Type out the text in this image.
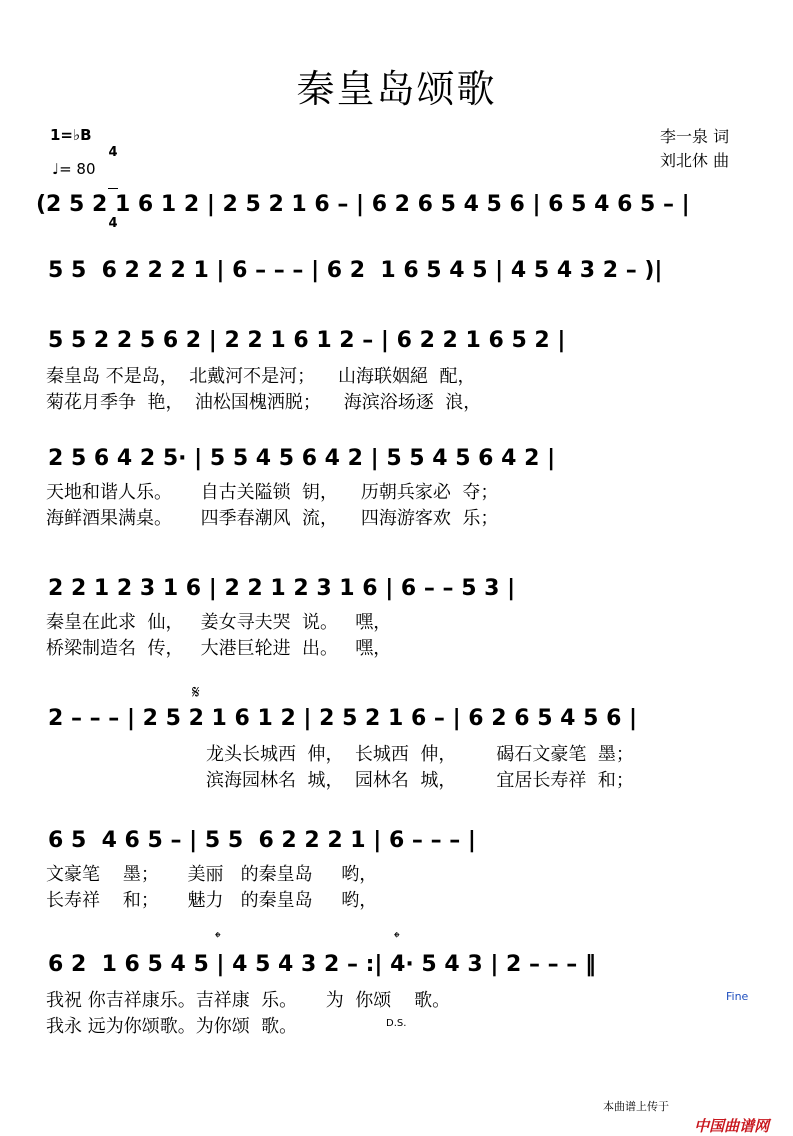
秦皇岛颂歌
1=♭B

4

4

♩= 80
李一泉 词
刘北休 曲
(2 5 2 1 6 1 2 | 2 5 2 1 6 – | 6 2 6 5 4 5 6 | 6 5 4 6 5 – |
5 5  6 2 2 2 1 | 6 – – – | 6 2  1 6 5 4 5 | 4 5 4 3 2 – )|
5 5 2 2 5 6 2 | 2 2 1 6 1 2 – | 6 2 2 1 6 5 2 |
秦皇岛 不是岛，  北戴河不是河；    山海联姻絕  配，
菊花月季争  艳，  油松国槐洒脱；    海滨浴场逐  浪，
2 5 6 4 2 5· | 5 5 4 5 6 4 2 | 5 5 4 5 6 4 2 |
天地和谐人乐。     自古关隘锁  钥，    历朝兵家必  夺；
海鲜酒果满桌。     四季春潮风  流，    四海游客欢  乐；
2 2 1 2 3 1 6 | 2 2 1 2 3 1 6 | 6 – – 5 3 |
秦皇在此求  仙，   姜女寻夫哭  说。   嘿，
桥梁制造名  传，   大港巨轮进  出。   嘿，
2 – – – | 2 5 2 1 6 1 2 | 2 5 2 1 6 – | 6 2 6 5 4 5 6 |
𝄋
龙头长城西  伸，  长城西  伸，       碣石文豪笔  墨；
滨海园林名  城，  园林名  城，       宜居长寿祥  和；
6 5  4 6 5 – | 5 5  6 2 2 2 1 | 6 – – – |
文豪笔    墨；     美丽   的秦皇岛     哟，
长寿祥    和；     魅力   的秦皇岛     哟，
6 2  1 6 5 4 5 | 4 5 4 3 2 – :| 4· 5 4 3 | 2 – – – ‖
𝄌	𝄌
我祝 你吉祥康乐。吉祥康  乐。     为  你颂    歌。
我永 远为你颂歌。为你颂  歌。
Fine
D.S.
本曲谱上传于

中国曲谱网
